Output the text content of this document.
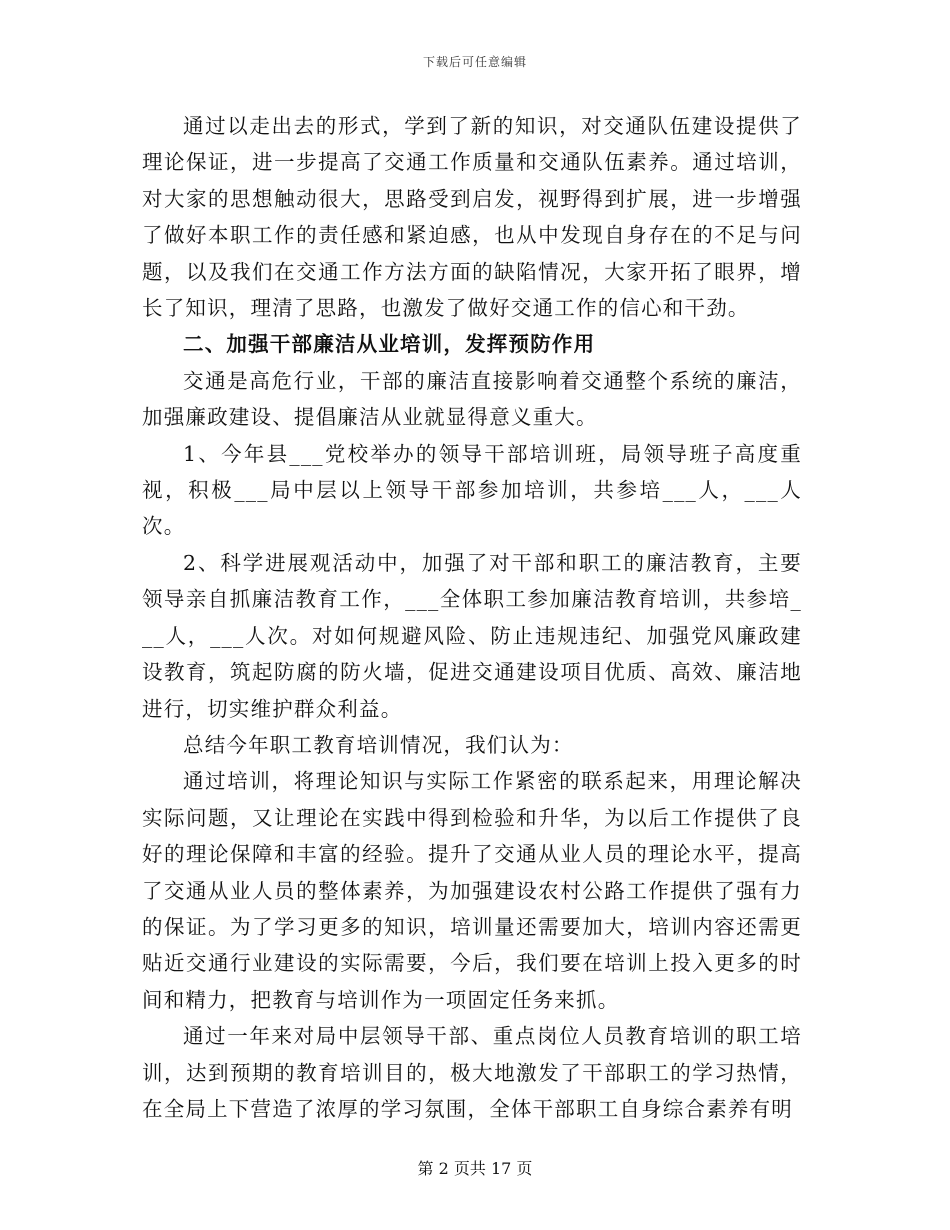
下载后可任意编辑

通过以走出去的形式，学到了新的知识，对交通队伍建设提供了理论保证，进一步提高了交通工作质量和交通队伍素养。通过培训，对大家的思想触动很大，思路受到启发，视野得到扩展，进一步增强了做好本职工作的责任感和紧迫感，也从中发现自身存在的不足与问题，以及我们在交通工作方法方面的缺陷情况，大家开拓了眼界，增长了知识，理清了思路，也激发了做好交通工作的信心和干劲。

二、加强干部廉洁从业培训，发挥预防作用

交通是高危行业，干部的廉洁直接影响着交通整个系统的廉洁，加强廉政建设、提倡廉洁从业就显得意义重大。

1、今年县___党校举办的领导干部培训班，局领导班子高度重视，积极___局中层以上领导干部参加培训，共参培___人，___人次。

2、科学进展观活动中，加强了对干部和职工的廉洁教育，主要领导亲自抓廉洁教育工作，___全体职工参加廉洁教育培训，共参培___人，___人次。对如何规避风险、防止违规违纪、加强党风廉政建设教育，筑起防腐的防火墙，促进交通建设项目优质、高效、廉洁地进行，切实维护群众利益。

总结今年职工教育培训情况，我们认为：

通过培训，将理论知识与实际工作紧密的联系起来，用理论解决实际问题，又让理论在实践中得到检验和升华，为以后工作提供了良好的理论保障和丰富的经验。提升了交通从业人员的理论水平，提高了交通从业人员的整体素养，为加强建设农村公路工作提供了强有力的保证。为了学习更多的知识，培训量还需要加大，培训内容还需更贴近交通行业建设的实际需要，今后，我们要在培训上投入更多的时间和精力，把教育与培训作为一项固定任务来抓。

通过一年来对局中层领导干部、重点岗位人员教育培训的职工培训，达到预期的教育培训目的，极大地激发了干部职工的学习热情，在全局上下营造了浓厚的学习氛围，全体干部职工自身综合素养有明

第 2 页共 17 页
